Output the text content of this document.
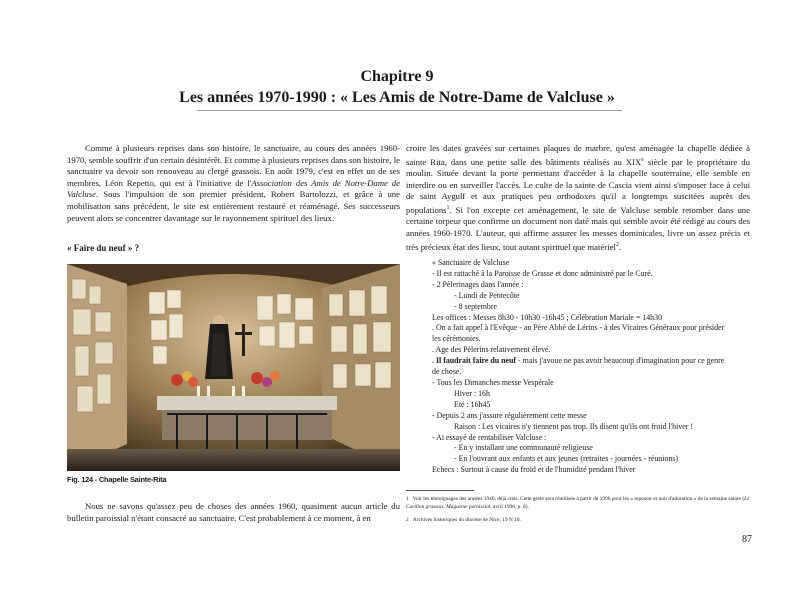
Chapitre 9
Les années 1970-1990 : « Les Amis de Notre-Dame de Valcluse »

Comme à plusieurs reprises dans son histoire, le sanctuaire, au cours des années 1960-1970, semble souffrir d'un certain désintérêt. Et comme à plusieurs reprises dans son histoire, le sanctuaire va devoir son renouveau au clergé grassois. En août 1979, c'est en effet un de ses membres, Léon Repetto, qui est à l'initiative de l'Association des Amis de Notre-Dame de Valcluse. Sous l'impulsion de son premier président, Robert Bartolozzi, et grâce à une mobilisation sans précédent, le site est entièrement restauré et réaménagé. Ses successeurs peuvent alors se concentrer davantage sur le rayonnement spirituel des lieux.

« Faire du neuf » ?
Fig. 124 - Chapelle Sainte-Rita

Nous ne savons qu'assez peu de choses des années 1960, quasiment aucun article du bulletin paroissial n'étant consacré au sanctuaire. C'est probablement à ce moment, à en

croire les dates gravées sur certaines plaques de marbre, qu'est aménagée la chapelle dédiée à sainte Rita, dans une petite salle des bâtiments réalisés au XIXe siècle par le propriétaire du moulin. Située devant la porte permettant d'accéder à la chapelle souterraine, elle semble en interdire ou en surveiller l'accès. Le culte de la sainte de Cascia vient ainsi s'imposer face à celui de saint Aygulf et aux pratiques peu orthodoxes qu'il a longtemps suscitées auprès des populations$^1$. Si l'on excepte cet aménagement, le site de Valcluse semble retomber dans une certaine torpeur que confirme un document non daté mais qui semble avoir été rédigé au cours des années 1960-1970. L'auteur, qui affirme assurer les messes dominicales, livre un assez précis et très précieux état des lieux, tout autant spirituel que matériel$^2$.

« Sanctuaire de Valcluse
- Il est rattaché à la Paroisse de Grasse et donc administré par le Curé.
- 2 Pèlerinages dans l'année :
- Lundi de Pentecôte
- 8 septembre
Les offices : Messes 8h30 - 10h30 -16h45 ; Célébration Mariale = 14h30
. On a fait appel à l'Evêque - au Père Abbé de Lérins - à des Vicaires Généraux pour présider
les cérémonies.
. Age des Pèlerins relativement élevé.
. Il faudrait faire du neuf - mais j'avoue ne pas avoir beaucoup d'imagination pour ce genre
de chose.
- Tous les Dimanches messe Vespérale
Hiver : 16h
Eté : 16h45
- Depuis 2 ans j'assure régulièrement cette messe
Raison : Les vicaires n'y tiennent pas trop. Ils disent qu'ils ont froid l'hiver !
- Ai essayé de rentabiliser Valcluse :
- En y installant une communauté religieuse
- En l'ouvrant aux enfants et aux jeunes (retraites - journées - réunions)
Echecs : Surtout à cause du froid et de l'humidité pendant l'hiver
1 Voir les témoignages des années 1940, déjà cités. Cette geste sera réutilisée à partir de 1996 pour les « reposoir et nuit d'adoration » de la semaine sainte (Le Carillon grassois. Magazine paroissial, avril 1996, p. 8).
2 Archives historiques du diocèse de Nice, 19 N 10.
87
